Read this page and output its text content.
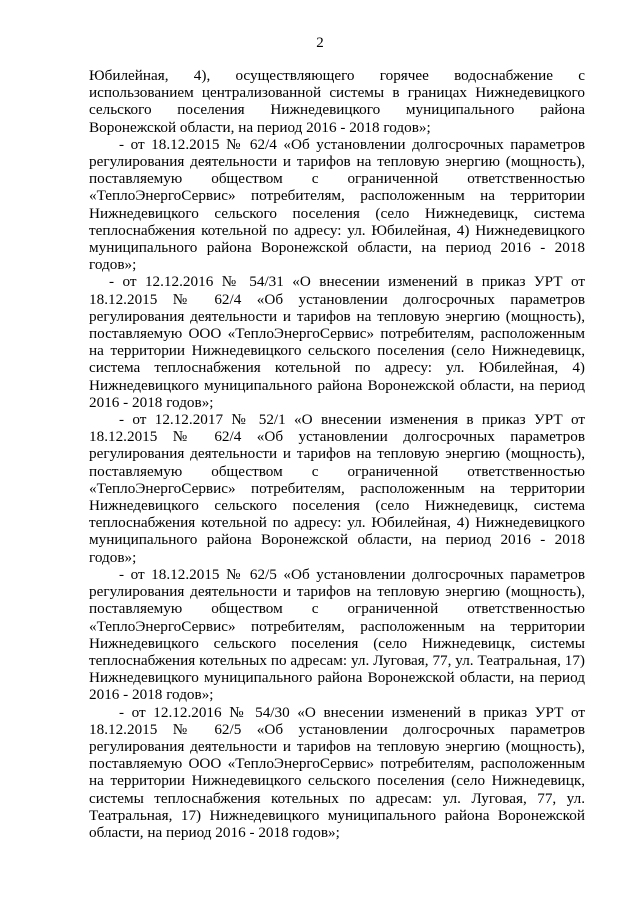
2

Юбилейная, 4), осуществляющего горячее водоснабжение с использованием централизованной системы в границах Нижнедевицкого сельского поселения Нижнедевицкого муниципального района Воронежской области, на период 2016 - 2018 годов»;

- от 18.12.2015 № 62/4 «Об установлении долгосрочных параметров регулирования деятельности и тарифов на тепловую энергию (мощность), поставляемую обществом с ограниченной ответственностью «ТеплоЭнергоСервис» потребителям, расположенным на территории Нижнедевицкого сельского поселения (село Нижнедевицк, система теплоснабжения котельной по адресу: ул. Юбилейная, 4) Нижнедевицкого муниципального района Воронежской области, на период 2016 - 2018 годов»;

- от 12.12.2016 № 54/31 «О внесении изменений в приказ УРТ от 18.12.2015 № 62/4 «Об установлении долгосрочных параметров регулирования деятельности и тарифов на тепловую энергию (мощность), поставляемую ООО «ТеплоЭнергоСервис» потребителям, расположенным на территории Нижнедевицкого сельского поселения (село Нижнедевицк, система теплоснабжения котельной по адресу: ул. Юбилейная, 4) Нижнедевицкого муниципального района Воронежской области, на период 2016 - 2018 годов»;

- от 12.12.2017 № 52/1 «О внесении изменения в приказ УРТ от 18.12.2015 № 62/4 «Об установлении долгосрочных параметров регулирования деятельности и тарифов на тепловую энергию (мощность), поставляемую обществом с ограниченной ответственностью «ТеплоЭнергоСервис» потребителям, расположенным на территории Нижнедевицкого сельского поселения (село Нижнедевицк, система теплоснабжения котельной по адресу: ул. Юбилейная, 4) Нижнедевицкого муниципального района Воронежской области, на период 2016 - 2018 годов»;

- от 18.12.2015 № 62/5 «Об установлении долгосрочных параметров регулирования деятельности и тарифов на тепловую энергию (мощность), поставляемую обществом с ограниченной ответственностью «ТеплоЭнергоСервис» потребителям, расположенным на территории Нижнедевицкого сельского поселения (село Нижнедевицк, системы теплоснабжения котельных по адресам: ул. Луговая, 77, ул. Театральная, 17) Нижнедевицкого муниципального района Воронежской области, на период 2016 - 2018 годов»;

- от 12.12.2016 № 54/30 «О внесении изменений в приказ УРТ от 18.12.2015 № 62/5 «Об установлении долгосрочных параметров регулирования деятельности и тарифов на тепловую энергию (мощность), поставляемую ООО «ТеплоЭнергоСервис» потребителям, расположенным на территории Нижнедевицкого сельского поселения (село Нижнедевицк, системы теплоснабжения котельных по адресам: ул. Луговая, 77, ул. Театральная, 17) Нижнедевицкого муниципального района Воронежской области, на период 2016 - 2018 годов»;
